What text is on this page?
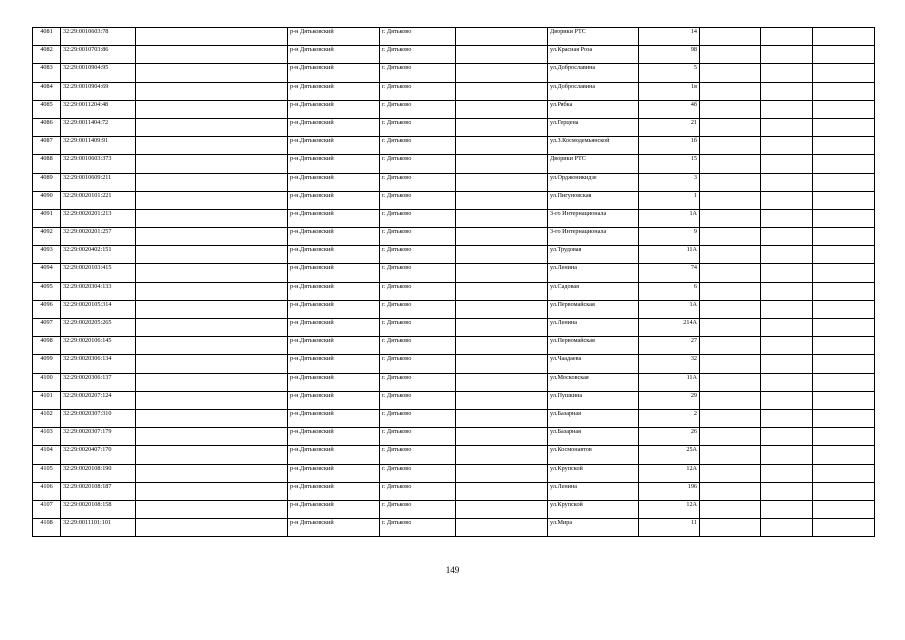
4081	32:29:0010603:78		р-н Дятьковский	г. Дятьково		Дворики РТС	14			
4082	32:29:0010703:86		р-н Дятьковский	г. Дятьково		ул.Красная Роза	98			
4083	32:29:0010904:95		р-н.Дятьковский	г. Дятьково		ул.Доброславина	5			
4084	32:29:0010904:69		р-н Дятьковский	г. Дятьково		ул.Доброславина	1в			
4085	32:29:0011204:48		р-н.Дятьковский	г. Дятьково		ул.Рябка	4б			
4086	32:29:0011404:72		р-н.Дятьковский	г. Дятьково		ул.Герцена	21			
4087	32:29:0011409:91		р-н.Дятьковский	г. Дятьково		ул.З.Космодемьянской	1б			
4088	32:29:0010603:373		р-н.Дятьковский	г. Дятьково		Дворики РТС	15			
4089	32:29:0010609:211		р-н.Дятьковский	г. Дятьково		ул.Орджоникидзе	3			
4090	32:29:0020101:221		р-н.Дятьковский	г. Дятьково		ул.Пигуновская	1			
4091	32:29:0020201:213		р-н.Дятьковский	г. Дятьково		3-го Интернационала	1А			
4092	32:29:0020201:257		р-н.Дятьковский	г. Дятьково		3-го Интернационала	9			
4093	32:29:0020402:151		р-н.Дятьковский	г. Дятьково		ул.Трудовая	11А			
4094	32:29:0020103:415		р-н.Дятьковский	г. Дятьково		ул.Ленина	74			
4095	32:29:0020304:133		р-н.Дятьковский	г. Дятьково		ул.Садовая	6			
4096	32:29:0020105:314		р-н.Дятьковский	г. Дятьково		ул.Первомайская	1А			
4097	32:29:0020205:265		р-н Дятьковский	г. Дятьково		ул.Ленина	214А			
4098	32:29:0020106:145		р-н.Дятьковский	г. Дятьково		ул.Первомайская	27			
4099	32:29:0020306:134		р-н.Дятьковский	г. Дятьково		ул.Чаадаева	32			
4100	32:29:0020306:137		р-н.Дятьковский	г. Дятьково		ул.Московская	11А			
4101	32:29:0020207:124		р-н Дятьковский	г. Дятьково		ул.Пушкина	29			
4102	32:29:0020307:310		р-н.Дятьковский	г. Дятьково		ул.Базарная	2			
4103	32:29:0020307:179		р-н.Дятьковский	г. Дятьково		ул.Базарная	26			
4104	32:29:0020407:170		р-н.Дятьковский	г. Дятьково		ул.Космонавтов	25А			
4105	32:29:0020108:190		р-н.Дятьковский	г. Дятьково		ул.Крупской	12А			
4106	32:29:0020108:187		р-н.Дятьковский	г. Дятьково		ул.Ленина	196			
4107	32:29:0020108:158		р-н.Дятьковский	г. Дятьково		ул.Крупской	12А			
4108	32:29:0011101:101		р-н Дятьковский	г. Дятьково		ул.Мира	11			
149
